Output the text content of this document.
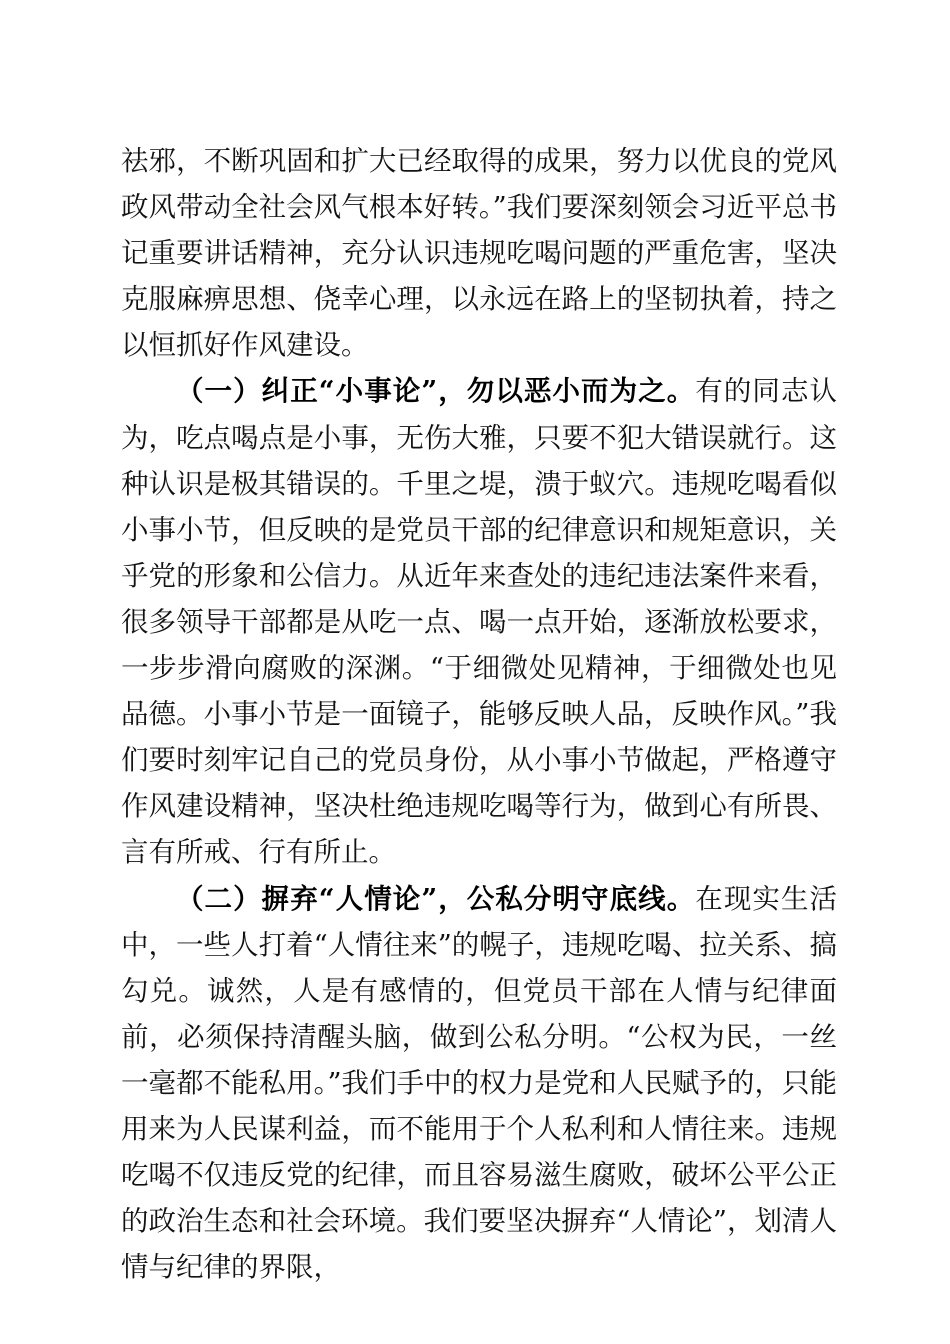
祛邪，不断巩固和扩大已经取得的成果，努力以优良的党风政风带动全社会风气根本好转。”我们要深刻领会习近平总书记重要讲话精神，充分认识违规吃喝问题的严重危害，坚决克服麻痹思想、侥幸心理，以永远在路上的坚韧执着，持之以恒抓好作风建设。

（一）纠正“小事论”，勿以恶小而为之。有的同志认为，吃点喝点是小事，无伤大雅，只要不犯大错误就行。这种认识是极其错误的。千里之堤，溃于蚁穴。违规吃喝看似小事小节，但反映的是党员干部的纪律意识和规矩意识，关乎党的形象和公信力。从近年来查处的违纪违法案件来看，很多领导干部都是从吃一点、喝一点开始，逐渐放松要求，一步步滑向腐败的深渊。“于细微处见精神，于细微处也见品德。小事小节是一面镜子，能够反映人品，反映作风。”我们要时刻牢记自己的党员身份，从小事小节做起，严格遵守作风建设精神，坚决杜绝违规吃喝等行为，做到心有所畏、言有所戒、行有所止。

（二）摒弃“人情论”，公私分明守底线。在现实生活中，一些人打着“人情往来”的幌子，违规吃喝、拉关系、搞勾兑。诚然，人是有感情的，但党员干部在人情与纪律面前，必须保持清醒头脑，做到公私分明。“公权为民，一丝一毫都不能私用。”我们手中的权力是党和人民赋予的，只能用来为人民谋利益，而不能用于个人私利和人情往来。违规吃喝不仅违反党的纪律，而且容易滋生腐败，破坏公平公正的政治生态和社会环境。我们要坚决摒弃“人情论”，划清人情与纪律的界限，
